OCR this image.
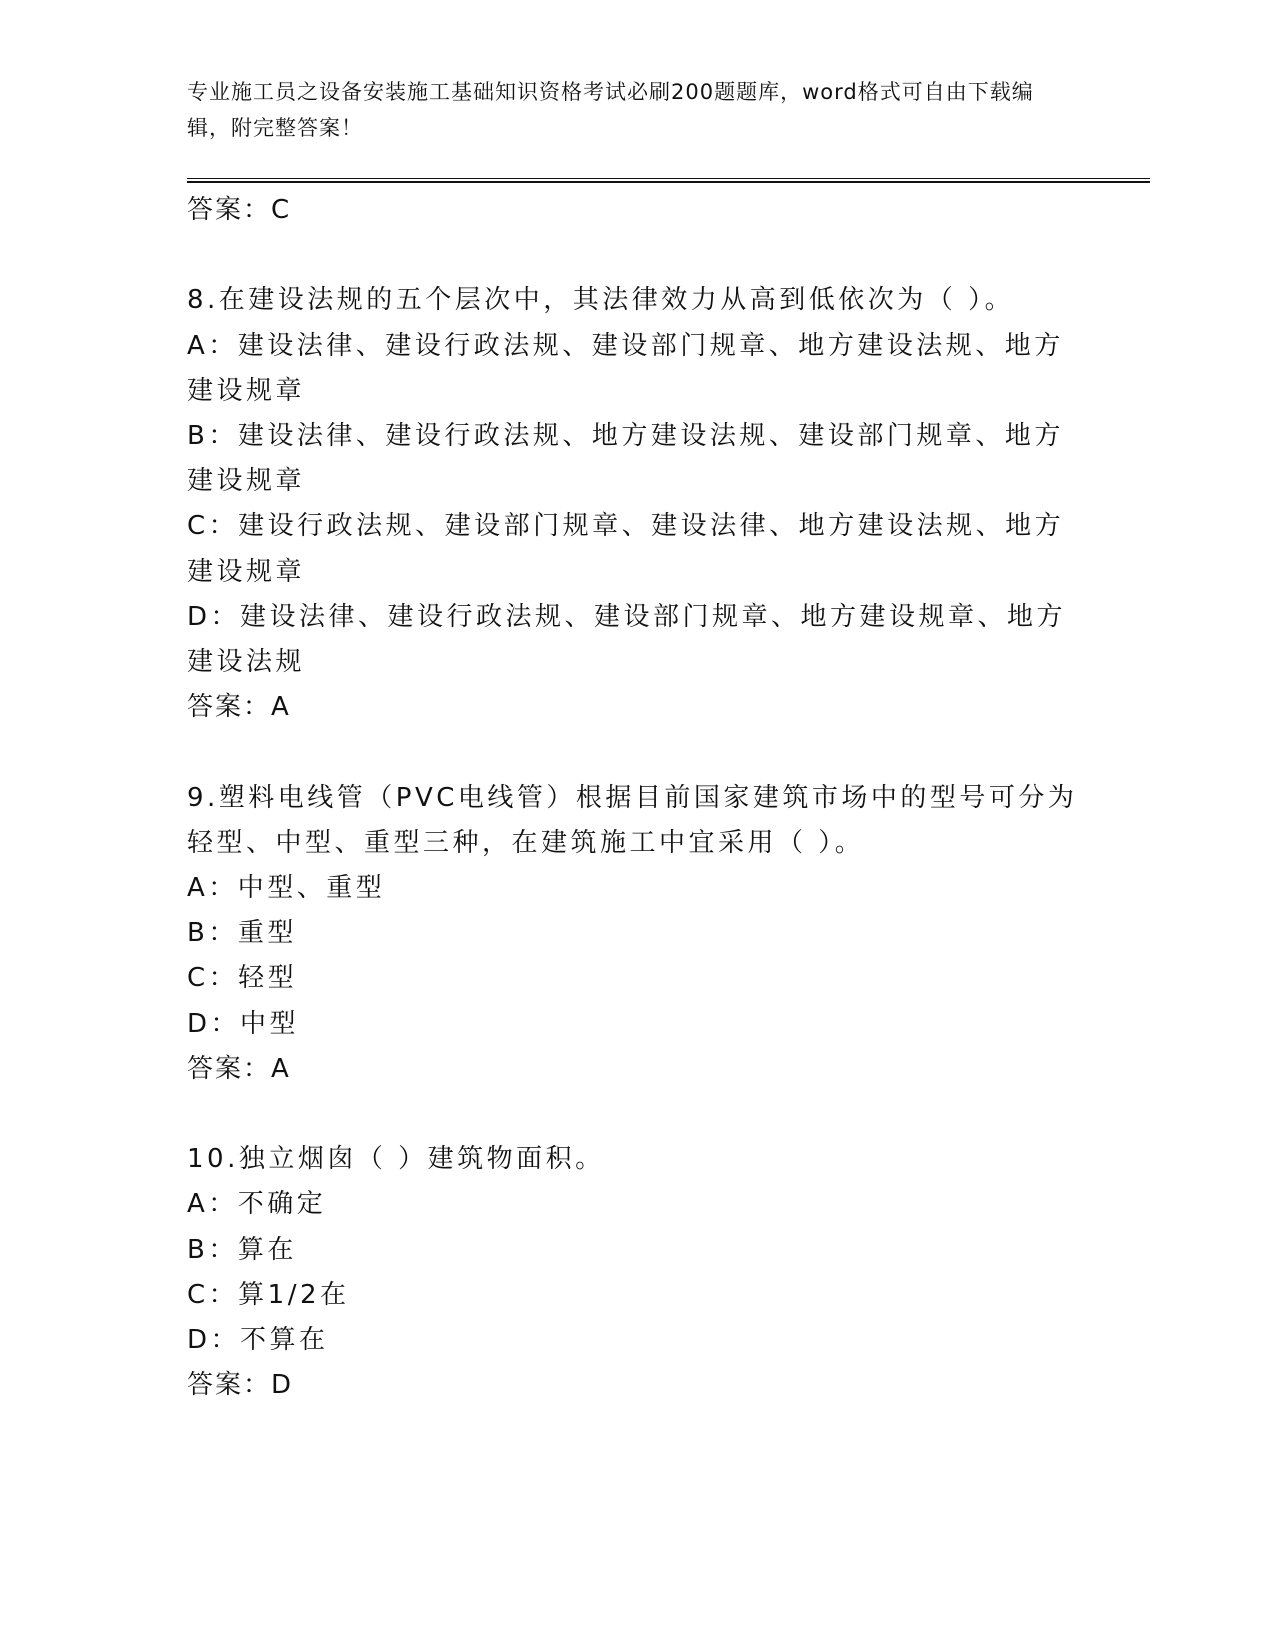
专业施工员之设备安装施工基础知识资格考试必刷200题题库，word格式可自由下载编辑，附完整答案！

答案：C

8.在建设法规的五个层次中，其法律效力从高到低依次为（ ）。

A：建设法律、建设行政法规、建设部门规章、地方建设法规、地方建设规章

B：建设法律、建设行政法规、地方建设法规、建设部门规章、地方建设规章

C：建设行政法规、建设部门规章、建设法律、地方建设法规、地方建设规章

D：建设法律、建设行政法规、建设部门规章、地方建设规章、地方建设法规

答案：A

9.塑料电线管（PVC电线管）根据目前国家建筑市场中的型号可分为轻型、中型、重型三种，在建筑施工中宜采用（ ）。

A：中型、重型

B：重型

C：轻型

D：中型

答案：A

10.独立烟囱（ ）建筑物面积。

A：不确定

B：算在

C：算1/2在

D：不算在

答案：D
